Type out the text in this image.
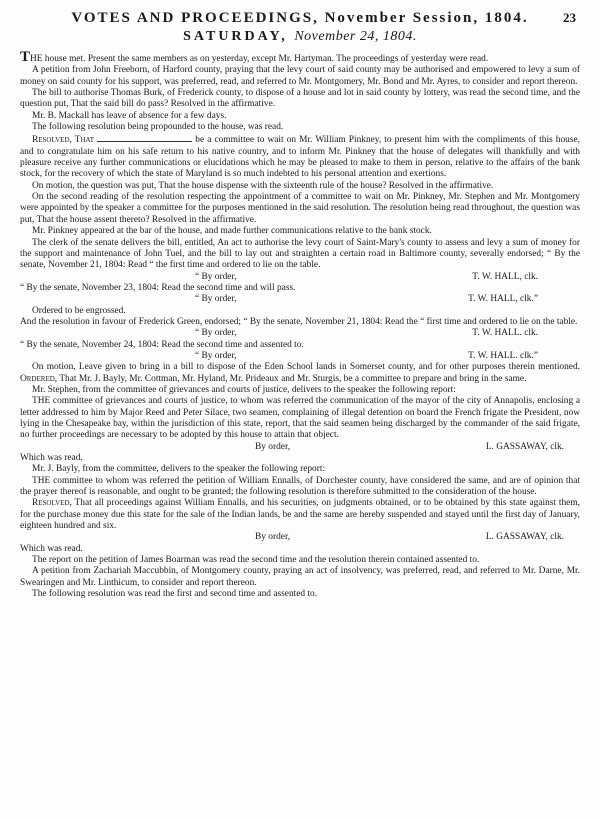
VOTES AND PROCEEDINGS, November Session, 1804.	23
SATURDAY, November 24, 1804.

THE house met. Present the same members as on yesterday, except Mr. Hartyman. The proceedings of yesterday were read.

A petition from John Freeborn, of Harford county, praying that the levy court of said county may be authorised and empowered to levy a sum of money on said county for his support, was preferred, read, and referred to Mr. Montgomery, Mr. Bond and Mr. Ayres, to consider and report thereon.

The bill to authorise Thomas Burk, of Frederick county, to dispose of a house and lot in said county by lottery, was read the second time, and the question put, That the said bill do pass? Resolved in the affirmative.

Mr. B. Mackall has leave of absence for a few days.

The following resolution being propounded to the house, was read.

Resolved, That	be a committee to wait on Mr. William Pinkney, to present him with the compliments of this house, and to congratulate him on his safe return to his native country, and to inform Mr. Pinkney that the house of delegates will thankfully and with pleasure receive any further communications or elucidations which he may be pleased to make to them in person, relative to the affairs of the bank stock, for the recovery of which the state of Maryland is so much indebted to his personal attention and exertions.

On motion, the question was put, That the house dispense with the sixteenth rule of the house? Resolved in the affirmative.

On the second reading of the resolution respecting the appointment of a committee to wait on Mr. Pinkney, Mr. Stephen and Mr. Montgomery were appointed by the speaker a committee for the purposes mentioned in the said resolution. The resolution being read throughout, the question was put, That the house assent thereto? Resolved in the affirmative.

Mr. Pinkney appeared at the bar of the house, and made further communications relative to the bank stock.

The clerk of the senate delivers the bill, entitled, An act to authorise the levy court of Saint-Mary's county to assess and levy a sum of money for the support and maintenance of John Tuel, and the bill to lay out and straighten a certain road in Baltimore county, severally endorsed; “ By the senate, November 21, 1804: Read “ the first time and ordered to lie on the table.

“ By order,	T. W. HALL, clk.

“ By the senate, November 23, 1804: Read the second time and will pass.

“ By order,	T. W. HALL, clk.”

Ordered to be engrossed.

And the resolution in favour of Frederick Green, endorsed; “ By the senate, November 21, 1804: Read the “ first time and ordered to lie on the table.

“ By order,	T. W. HALL. clk.

“ By the senate, November 24, 1804: Read the second time and assented to.

“ By order,	T. W. HALL. clk.”

On motion, Leave given to bring in a bill to dispose of the Eden School lands in Somerset county, and for other purposes therein mentioned. Ordered, That Mr. J. Bayly, Mr. Cottman, Mr. Hyland, Mr. Prideaux and Mr. Sturgis, be a committee to prepare and bring in the same.

Mr. Stephen, from the committee of grievances and courts of justice, delivers to the speaker the following report:

THE committee of grievances and courts of justice, to whom was referred the communication of the mayor of the city of Annapolis, enclosing a letter addressed to him by Major Reed and Peter Silace, two seamen, complaining of illegal detention on board the French frigate the President, now lying in the Chesapeake bay, within the jurisdiction of this state, report, that the said seamen being discharged by the commander of the said frigate, no further proceedings are necessary to be adopted by this house to attain that object.

By order,	L. GASSAWAY, clk.

Which was read.

Mr. J. Bayly, from the committee, delivers to the speaker the following report:

THE committee to whom was referred the petition of William Ennalls, of Dorchester county, have considered the same, and are of opinion that the prayer thereof is reasonable, and ought to be granted; the following resolution is therefore submitted to the consideration of the house.

Resolved, That all proceedings against William Ennalls, and his securities, on judgments obtained, or to be obtained by this state against them, for the purchase money due this state for the sale of the Indian lands, be and the same are hereby suspended and stayed until the first day of January, eighteen hundred and six.

By order,	L. GASSAWAY, clk.

Which was read.

The report on the petition of James Boarman was read the second time and the resolution therein contained assented to.

A petition from Zachariah Maccubbin, of Montgomery county, praying an act of insolvency, was preferred, read, and referred to Mr. Darne, Mr. Swearingen and Mr. Linthicum, to consider and report thereon.

The following resolution was read the first and second time and assented to.
